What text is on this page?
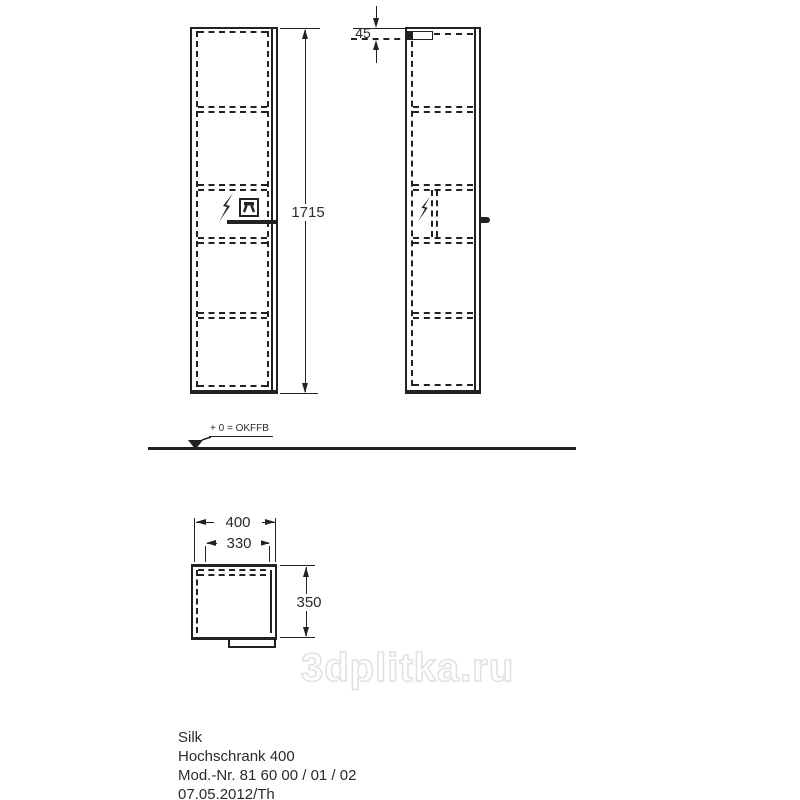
1715
45
+ 0 = OKFFB
400
330
350
3dplitka.ru
Silk
Hochschrank 400
Mod.-Nr. 81 60 00 / 01 / 02
07.05.2012/Th
